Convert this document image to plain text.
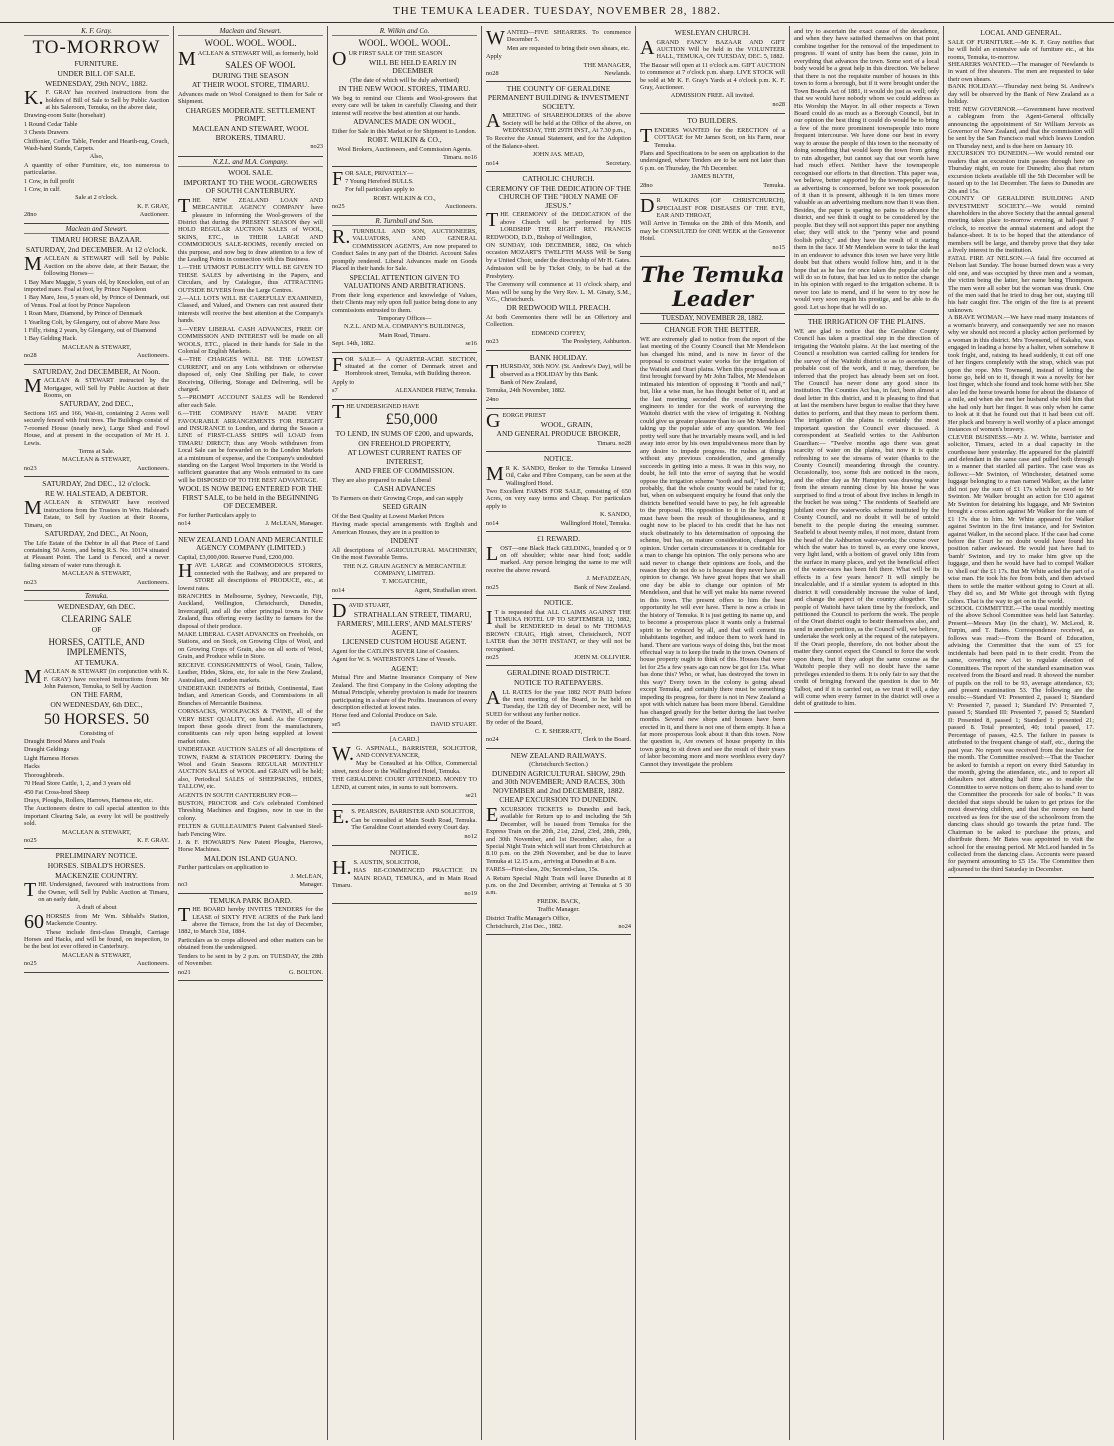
THE TEMUKA LEADER. TUESDAY, NOVEMBER 28, 1882.
K. F. Gray.
TO-MORROW
FURNITURE.
UNDER BILL OF SALE.
WEDNESDAY, 29th NOV., 1882.
K. F. GRAY has received instructions from the holders of Bill of Sale to Sell by Public Auction at his Saleroom, Temuka, on the above date,
Drawing-room Suite (horsehair)
1 Round Cedar Table
3 Chests Drawers
Chiffonier, Coffee Table, Fender and Hearth-rug, Couch, Wash-hand Stands, Carpets.
Also,
A quantity of other Furniture, etc, too numerous to particularise.
1 Cow, in full profit
1 Cow, in calf.
Sale at 2 o'clock.
K. F. GRAY,
28no	Auctioneer.
Maclean and Stewart.
TIMARU HORSE BAZAAR.
SATURDAY, 2nd DECEMBER. At 12 o'clock.
MACLEAN & STEWART will Sell by Public Auction on the above date, at their Bazaar, the following Horses—
1 Bay Mare Maggie, 5 years old, by Knockdon, out of an imported mare. Foal at foot, by Prince Napoleon
1 Bay Mare, Jess, 5 years old, by Prince of Denmark, out of Venus. Foal at foot by Prince Napoleon
1 Roan Mare, Diamond, by Prince of Denmark
1 Yearling Colt, by Glengarry, out of above Mare Jess
1 Filly, rising 2 years, by Glengarry, out of Diamond
1 Bay Gelding Hack.
MACLEAN & STEWART,
no28	Auctioneers.
SATURDAY, 2nd DECEMBER, At Noon.
MACLEAN & STEWART instructed by the Mortgagee, will Sell by Public Auction at their Rooms, on
SATURDAY, 2nd DEC.,
Sections 165 and 166, Wai-iti, containing 2 Acres well securely fenced with fruit trees. The Buildings consist of 7-roomed House (nearly new), Large Shed and Fowl House, and at present in the occupation of Mr H. J. Lewis.
Terms at Sale.
MACLEAN & STEWART,
no23	Auctioneers.
SATURDAY, 2nd DEC., 12 o'clock.
RE W. HALSTEAD, A DEBTOR.
MACLEAN & STEWART have received instructions from the Trustees in Wm. Halstead's Estate, to Sell by Auction at their Rooms, Timaru, on
SATURDAY, 2nd DEC., At Noon,
The Life Estate of the Debtor in all that Piece of Land containing 50 Acres, and being R.S. No. 10174 situated at Pleasant Point. The Land is Fenced, and a never failing stream of water runs through it.
MACLEAN & STEWART,
no23	Auctioneers.
Temuka.
WEDNESDAY, 6th DEC.
CLEARING SALE
OF
HORSES, CATTLE, AND IMPLEMENTS,
AT TEMUKA.
MACLEAN & STEWART (in conjunction with K. F. GRAY) have received instructions from Mr John Paterson, Temuka, to Sell by Auction
ON THE FARM,
ON WEDNESDAY, 6th DEC.,
50 HORSES. 50
Consisting of
Draught Brood Mares and Foals
Draught Geldings
Light Harness Horses
Hacks
Thoroughbreds.
70 Head Store Cattle, 1, 2, and 3 years old
450 Fat Cross-bred Sheep
Drays, Ploughs, Rollers, Harrows, Harness etc, etc.
The Auctioneers desire to call special attention to this important Clearing Sale, as every lot will be positively sold.
MACLEAN & STEWART,
no25	K. F. GRAY.
PRELIMINARY NOTICE.
HORSES. SIBALD'S HORSES.
MACKENZIE COUNTRY.
THE Undersigned, favoured with instructions from the Owner, will Sell by Public Auction at Timaru, on an early date,
A draft of about
60 HORSES from Mr Wm. Sibbald's Station, Mackenzie Country.
These include first-class Draught, Carriage Horses and Hacks, and will be found, on inspection, to be the best lot ever offered in Canterbury.
MACLEAN & STEWART,
no25	Auctioneers.
Maclean and Stewart.
WOOL. WOOL. WOOL.
MACLEAN & STEWART Will, as formerly, hold
SALES OF WOOL
DURING THE SEASON
AT THEIR WOOL STORE, TIMARU.
Advances made on Wool Consigned to them for Sale or Shipment.
CHARGES MODERATE. SETTLEMENT PROMPT.
MACLEAN AND STEWART, WOOL BROKERS, TIMARU.
no23
N.Z.L. and M.A. Company.
WOOL SALE.
IMPORTANT TO THE WOOL-GROWERS OF SOUTH CANTERBURY.
THE NEW ZEALAND LOAN AND MERCANTILE AGENCY COMPANY have pleasure in informing the Wool-growers of the District that during the PRESENT SEASON they will HOLD REGULAR AUCTION SALES of WOOL, SKINS, ETC., in THEIR LARGE AND COMMODIOUS SALE-ROOMS, recently erected on this purpose, and now beg to draw attention to a few of the Leading Points in connection with this Business.
1.—THE UTMOST PUBLICITY WILL BE GIVEN TO THESE SALES by advertising in the Papers, and Circulars, and by Catalogue, thus ATTRACTING OUTSIDE BUYERS from the Large Centres.
2.—ALL LOTS WILL BE CAREFULLY EXAMINED, Classed, and Valued, and Owners can rest assured their interests will receive the best attention at the Company's hands.
3.—VERY LIBERAL CASH ADVANCES, FREE OF COMMISSION AND INTEREST will be made on all WOOLS, ETC., placed in their hands for Sale in the Colonial or English Markets.
4.—THE CHARGES WILL BE THE LOWEST CURRENT, and on any Lots withdrawn or otherwise disposed of, only One Shilling per Bale, to cover Receiving, Offering, Storage and Delivering, will be charged.
5.—PROMPT ACCOUNT SALES will be Rendered after each Sale.
6.—THE COMPANY HAVE MADE VERY FAVOURABLE ARRANGEMENTS FOR FREIGHT and INSURANCE to London, and during the Season a LINE of FIRST-CLASS SHIPS will LOAD from TIMARU DIRECT; thus any Wools withdrawn from Local Sale can be forwarded on to the London Markets at a minimum of expense, and the Company's undoubted standing on the Largest Wool Importers in the World is sufficient guarantee that any Wools entrusted to its care will be DISPOSED OF TO THE BEST ADVANTAGE.
WOOL IS NOW BEING ENTERED FOR THE FIRST SALE, to be held in the BEGINNING OF DECEMBER.
For further Particulars apply to
no14	J. McLEAN, Manager.
NEW ZEALAND LOAN AND MERCANTILE AGENCY COMPANY (LIMITED.)
Capital, £3,000,000. Reserve Fund, £200,000.
HAVE LARGE and COMMODIOUS STORES, connected with the Railway, and are prepared to STORE all descriptions of PRODUCE, etc., at lowest rates.
BRANCHES in Melbourne, Sydney, Newcastle, Fiji, Auckland, Wellington, Christchurch, Dunedin, Invercargill, and all the other principal towns in New Zealand, thus offering every facility to farmers for the disposal of their produce.
MAKE LIBERAL CASH ADVANCES on Freeholds, on Stations, and on Stock, on Growing Clips of Wool, and on Growing Crops of Grain, also on all sorts of Wool, Grain, and Produce while in Store.
RECEIVE CONSIGNMENTS of Wool, Grain, Tallow, Leather, Hides, Skins, etc, for sale in the New Zealand, Australian, and London markets.
UNDERTAKE INDENTS of British, Continental, East Indian, and American Goods, and Commissions in all Branches of Mercantile Business.
CORNSACKS, WOOLPACKS & TWINE, all of the VERY BEST QUALITY, on hand. As the Company import these goods direct from the manufacturers, constituents can rely upon being supplied at lowest market rates.
UNDERTAKE AUCTION SALES of all descriptions of TOWN, FARM & STATION PROPERTY. During the Wool and Grain Seasons REGULAR MONTHLY AUCTION SALES of WOOL and GRAIN will be held; also, Periodical SALES of SHEEPSKINS, HIDES, TALLOW, etc.
AGENTS IN SOUTH CANTERBURY FOR—
BUSTON, PROCTOR and Co's celebrated Combined Threshing Machines and Engines, now in use in the colony.
FELTEN & GUILLEAUME'S Patent Galvanised Steel-barb Fencing Wire.
J. & F. HOWARD'S New Patent Ploughs, Harrows, Horse Machines.
MALDON ISLAND GUANO.
Further particulars on application to
J. McLEAN,
no3	Manager.
TEMUKA PARK BOARD.
THE BOARD hereby INVITES TENDERS for the LEASE of SIXTY FIVE ACRES of the Park land above the Terrace, from the 1st day of December, 1882, to March 31st, 1884.
Particulars as to crops allowed and other matters can be obtained from the undersigned.
Tenders to be sent in by 2 p.m. on TUESDAY, the 28th of November.
no21	G. BOLTON.
R. Wilkin and Co.
WOOL. WOOL. WOOL.
OUR FIRST SALE OF THE SEASON
WILL BE HELD EARLY IN DECEMBER
(The date of which will be duly advertised)
IN THE NEW WOOL STORES, TIMARU.
We beg to remind our Clients and Wool-growers that every care will be taken in carefully Classing and their interest will receive the best attention at our hands.
ADVANCES MADE ON WOOL,
Either for Sale in this Market or for Shipment to London.
ROBT. WILKIN & CO.,
Wool Brokers, Auctioneers, and Commission Agents.
Timaru. no16
FOR SALE, PRIVATELY—
7 Young Hereford BULLS.
For full particulars apply to
ROBT. WILKIN & CO.,
no25	Auctioneers.
R. Turnbull and Son.
R. TURNBULL AND SON, AUCTIONEERS, VALUATORS, AND GENERAL COMMISSION AGENTS, Are now prepared to Conduct Sales in any part of the District. Account Sales promptly rendered. Liberal Advances made on Goods Placed in their hands for Sale.
SPECIAL ATTENTION GIVEN TO VALUATIONS AND ARBITRATIONS.
From their long experience and knowledge of Values, their Clients may rely upon full justice being done to any commissions entrusted to them.
Temporary Offices—
N.Z.L. AND M.A. COMPANY'S BUILDINGS,
Main Road, Timaru.
Sept. 14th, 1882.	se16
FOR SALE— A QUARTER-ACRE SECTION, situated at the corner of Denmark street and Hornbrook street, Temuka, with Building thereon.
Apply to
s7	ALEXANDER FREW, Temuka.
THE UNDERSIGNED HAVE
£50,000
TO LEND, IN SUMS OF £200, and upwards,
ON FREEHOLD PROPERTY,
AT LOWEST CURRENT RATES OF INTEREST,
AND FREE OF COMMISSION.
They are also prepared to make Liberal
CASH ADVANCES
To Farmers on their Growing Crops, and can supply
SEED GRAIN
Of the Best Quality at Lowest Market Prices
Having made special arrangements with English and American Houses, they are in a position to
INDENT
All descriptions of AGRICULTURAL MACHINERY, On the most Favorable Terms.
THE N.Z. GRAIN AGENCY & MERCANTILE COMPANY, LIMITED.
T. MCGATCHIE,
no14	Agent, Strathallan street.
DAVID STUART,
STRATHALLAN STREET, TIMARU,
FARMERS', MILLERS', AND MALSTERS' AGENT,
LICENSED CUSTOM HOUSE AGENT.
Agent for the CATLIN'S RIVER Line of Coasters.
Agent for W. S. WATERSTON'S Line of Vessels.
AGENT:
Mutual Fire and Marine Insurance Company of New Zealand. The first Company in the Colony adopting the Mutual Principle, whereby provision is made for insurers participating in a share of the Profits. Insurances of every description effected at lowest rates.
Horse feed and Colonial Produce on Sale.
se5	DAVID STUART.
[A CARD.]
W. G. ASPINALL, BARRISTER, SOLICITOR, AND CONVEYANCER,
May be Consulted at his Office, Commercial street, next door to the Wallingford Hotel, Temuka.
THE GERALDINE COURT ATTENDED. MONEY TO LEND, at current rates, in sums to suit borrowers.
se21
E. S. PEARSON, BARRISTER AND SOLICITOR,
Can be consulted at Main South Road, Temuka. The Geraldine Court attended every Court day.
no12
NOTICE.
H. S. AUSTIN, SOLICITOR,
HAS RE-COMMENCED PRACTICE IN MAIN ROAD, TEMUKA, and in Main Road Timaru.
no19
WANTED—FIVE SHEARERS. To commence December 5.
Men are requested to bring their own shears, etc.
Apply
THE MANAGER,
no28	Newlands.
THE COUNTY OF GERALDINE PERMANENT BUILDING & INVESTMENT SOCIETY.
AMEETING of SHAREHOLDERS of the above Society will be held at the Office of the above, on WEDNESDAY, THE 29TH INST., At 7.30 p.m.,
To Receive the Annual Statement, and for the Adoption of the Balance-sheet.
JOHN JAS. MEAD,
no14	Secretary.
CATHOLIC CHURCH.
CEREMONY OF THE DEDICATION OF THE CHURCH OF THE "HOLY NAME OF JESUS."
THE CEREMONY of the DEDICATION of the above Church will be performed by HIS LORDSHIP THE RIGHT REV. FRANCIS REDWOOD, D.D., Bishop of Wellington,
ON SUNDAY, 10th DECEMBER, 1882, On which occasion MOZART'S TWELFTH MASS Will be Sung by a United Choir, under the directorship of Mr H. Gates.
Admission will be by Ticket Only, to be had at the Presbytery.
The Ceremony will commence at 11 o'clock sharp, and Mass will be sung by the Very Rev. L. M. Ginaty, S.M., V.G., Christchurch.
DR REDWOOD WILL PREACH.
At both Ceremonies there will be an Offertory and Collection.
EDMOND COFFEY,
no23	The Presbytery, Ashburton.
BANK HOLIDAY.
THURSDAY, 30th NOV. (St. Andrew's Day), will be observed as a HOLIDAY by this Bank.
Bank of New Zealand,
Temuka, 24th November, 1882.
24no
GEORGE PRIEST
WOOL, GRAIN,
AND GENERAL PRODUCE BROKER,
Timaru. no28
NOTICE.
M R K. SANDO, Broker to the Temuka Linseed Oil, Cake and Fibre Company, can be seen at the Wallingford Hotel.
Two Excellent FARMS FOR SALE, consisting of 650 Acres, on very easy terms and Cheap. For particulars apply to
K. SANDO,
no14	Wallingford Hotel, Temuka.
£1 REWARD.
LOST—one Black Hack GELDING, branded q or 9 on off shoulder; white near hind foot; saddle marked. Any person bringing the same to me will receive the above reward.
J. McFADZEAN,
no25	Bank of New Zealand.
NOTICE.
I T is requested that ALL CLAIMS AGAINST THE TEMUKA HOTEL UP TO SEPTEMBER 12, 1882, shall be RENDERED in detail to Mr THOMAS BROWN CRAIG, High street, Christchurch, NOT LATER than the 30TH INSTANT, or they will not be recognised.
no25	JOHN M. OLLIVIER.
GERALDINE ROAD DISTRICT.
NOTICE TO RATEPAYERS.
ALL RATES for the year 1882 NOT PAID before the next meeting of the Board, to be held on Tuesday, the 12th day of December next, will be SUED for without any further notice.
By order of the Board,
C. E. SHERRATT,
no24	Clerk to the Board.
NEW ZEALAND RAILWAYS.
(Christchurch Section.)
DUNEDIN AGRICULTURAL SHOW, 29th and 30th NOVEMBER; AND RACES, 30th NOVEMBER and 2nd DECEMBER, 1882.
CHEAP EXCURSION TO DUNEDIN.
EXCURSION TICKETS to Dunedin and back, available for Return up to and including the 5th December, will be issued from Temuka for the Express Train on the 20th, 21st, 22nd, 23rd, 28th, 29th, and 30th November, and 1st December; also, for a Special Night Train which will start from Christchurch at 8.10 p.m. on the 29th November, and be due to leave Temuka at 12.15 a.m., arriving at Dunedin at 8 a.m.
FARES—First-class, 20s; Second-class, 15s.
A Return Special Night Train will leave Dunedin at 8 p.m. on the 2nd December, arriving at Temuka at 5 30 a.m.
FREDK. BACK,
Traffic Manager.
District Traffic Manager's Office,
Christchurch, 21st Dec., 1882.	no24
WESLEYAN CHURCH.
AGRAND FANCY BAZAAR AND GIFT AUCTION Will be held in the VOLUNTEER HALL, TEMUKA, ON TUESDAY, DEC. 5, 1882.
The Bazaar will open at 11 o'clock a.m. GIFT AUCTION to commence at 7 o'clock p.m. sharp. LIVE STOCK will be sold at Mr K. F. Gray's Yards at 4 o'clock p.m. K. F. Gray, Auctioneer.
ADMISSION FREE. All invited.
no28
TO BUILDERS.
TENDERS WANTED for the ERECTION of a COTTAGE for Mr James Scott, on his Farm, near Temuka.
Plans and Specifications to be seen on application to the undersigned, where Tenders are to be sent not later than 6 p.m. on Thursday, the 7th December.
JAMES BLYTH,
28no	Temuka.
D R WILKINS (OF CHRISTCHURCH), SPECIALIST FOR DISEASES OF THE EYE, EAR AND THROAT,
Will Arrive in Temuka on the 28th of this Month, and may be CONSULTED for ONE WEEK at the Grosvenor Hotel.
no15
The Temuka Leader
TUESDAY, NOVEMBER 28, 1882.
CHANGE FOR THE BETTER.
WE are extremely glad to notice from the report of the last meeting of the County Council that Mr Mendelson has changed his mind, and is now in favor of the proposal to construct water works for the irrigation of the Waitohi and Orari plains. When this proposal was at first brought forward by Mr John Talbot, Mr Mendelson intimated his intention of opposing it "tooth and nail," but, like a wise man, he has thought better of it, and at the last meeting seconded the resolution inviting engineers to tender for the work of surveying the Waitohi district with the view of irrigating it. Nothing could give us greater pleasure than to see Mr Mendelson taking up the popular side of any question. We feel pretty well sure that he invariably means well, and is led away into error by his own impulsiveness more than by any desire to impede progress. He rushes at things without any previous consideration, and generally succeeds in getting into a mess. It was in this way, no doubt, he fell into the error of saying that he would oppose the irrigation scheme "tooth and nail," believing, probably, that the whole county would be rated for it; but, when on subsequent enquiry he found that only the districts benefited would have to pay, he felt agreeable to the proposal. His opposition to it in the beginning must have been the result of thoughtlessness, and it ought now to be placed to his credit that he has not stuck obstinately to his determination of opposing the scheme, but has, on mature consideration, changed his opinion. Under certain circumstances it is creditable for a man to change his opinion. The only persons who are said never to change their opinions are fools, and the reason they do not do so is because they never have an opinion to change. We have great hopes that we shall one day be able to change our opinion of Mr Mendelson, and that he will yet make his name revered in this town. The present offers to him the best opportunity he will ever have. There is now a crisis in the history of Temuka. It is just getting its name up, and to become a prosperous place it wants only a fraternal spirit to be evinced by all, and that will cement its inhabitants together, and induce them to work hand in hand. There are various ways of doing this, but the most effectual way is to keep the trade in the town. Owners of house property ought to think of this. Houses that were let for 25s a few years ago can now be got for 15s. What has done this? Who, or what, has destroyed the town in this way? Every town in the colony is going ahead except Temuka, and certainly there must be something impeding its progress, for there is not in New Zealand a spot with which nature has been more liberal. Geraldine has changed greatly for the better during the last twelve months. Several new shops and houses have been erected in it, and there is not one of them empty. It has a far more prosperous look about it than this town. Now the question is, Are owners of house property in this town going to sit down and see the result of their years of labor becoming more and more worthless every day? Cannot they investigate the problem
and try to ascertain the exact cause of the decadence, and when they have satisfied themselves on that point combine together for the removal of the impediment to progress. If want of unity has been the cause, join in everything that advances the town. Some sort of a local body would be a great help in this direction. We believe that there is not the requisite number of houses in this town to form a borough, but if it were brought under the Town Boards Act of 1881, it would do just as well; only that we would have nobody whom we could address as His Worship the Mayor. In all other respects a Town Board could do as much as a Borough Council, but in our opinion the best thing it could do would be to bring a few of the more prominent townspeople into more frequent intercourse. We have done our best in every way to arouse the people of this town to the necessity of doing something that would keep the town from going to ruin altogether, but cannot say that our words have had much effect. Neither have the townspeople recognised our efforts in that direction. This paper was, we believe, better supported by the townspeople, as far as advertising is concerned, before we took possession of it than it is present, although it is ten times more valuable as an advertising medium now than it was then. Besides, the paper is sparing no pains to advance the district, and we think it ought to be considered by the people. But they will not support this paper nor anything else; they will stick to the "penny wise and pound foolish policy," and they have the result of it staring them in the face. If Mr Mendelson were to take the lead in an endeavor to advance this town we have very little doubt but that others would follow him, and it is the hope that as he has for once taken the popular side he will do so in future, that has led us to notice the change in his opinion with regard to the irrigation scheme. It is never too late to mend, and if he were to try now he would very soon regain his prestige, and be able to do good. Let us hope that he will do so.
THE IRRIGATION OF THE PLAINS.
WE are glad to notice that the Geraldine County Council has taken a practical step in the direction of irrigating the Waitohi plains. At the last meeting of the Council a resolution was carried calling for tenders for the survey of the Waitohi district so as to ascertain the probable cost of the work, and it may, therefore, be inferred that the project has already been set on foot. The Council has never done any good since its institution. The Counties Act has, in fact, been almost a dead letter in this district, and it is pleasing to find that at last the members have begun to realise that they have duties to perform, and that they mean to perform them. The irrigation of the plains is certainly the most important question the Council ever discussed. A correspondent at Seafield writes to the Ashburton Guardian:— "Twelve months ago there was great scarcity of water on the plains, but now it is quite refreshing to see the streams of water (thanks to the County Council) meandering through the country. Occasionally, too, some fish are noticed in the races, and the other day as Mr Hampton was drawing water from the stream running close by his house he was surprised to find a trout of about five inches in length in the bucket he was using." The residents of Seafield are jubilant over the waterworks scheme instituted by the County Council, and no doubt it will be of untold benefit to the people during the ensuing summer. Seafield is about twenty miles, if not more, distant from the head of the Ashburton water-works; the course over which the water has to travel is, as every one knows, very light land, with a bottom of gravel only 18in from the surface in many places, and yet the beneficial effect of the water-races has been felt there. What will be its effects in a few years hence? It will simply be incalculable, and if a similar system is adopted in this district it will considerably increase the value of land, and change the aspect of the country altogether. The people of Waitohi have taken time by the forelock, and petitioned the Council to perform the work. The people of the Orari district ought to bestir themselves also, and send in another petition, as the Council will, we believe, undertake the work only at the request of the ratepayers. If the Orari people, therefore, do not bother about the matter they cannot expect the Council to force the work upon them, but if they adopt the same course as the Waitohi people they will no doubt have the same privileges extended to them. It is only fair to say that the credit of bringing forward the question is due to Mr Talbot, and if it is carried out, as we trust it will, a day will come when every farmer in the district will owe a debt of gratitude to him.
LOCAL AND GENERAL.
SALE OF FURNITURE.—Mr K. F. Gray notifies that he will hold an extensive sale of furniture etc., at his rooms, Temuka, to-morrow.
SHEARERS WANTED.—The manager of Newlands is in want of five shearers. The men are requested to take their own shears.
BANK HOLIDAY.—Thursday next being St. Andrew's day will be observed by the Bank of New Zealand as a holiday.
THE NEW GOVERNOR.—Government have received a cablegram from the Agent-General officially announcing the appointment of Sir William Jervois as Governor of New Zealand, and that the commission will be sent by the San Francisco mail which leaves London on Thursday next, and is due here on January 10.
EXCURSION TO DUNEDIN.—We would remind our readers that an excursion train passes through here on Thursday night, en route for Dunedin; also that return excursion tickets available till the 5th December will be issued up to the 1st December. The fares to Dunedin are 20s and 15s.
COUNTY OF GERALDINE BUILDING AND INVESTMENT SOCIETY.—We would remind shareholders in the above Society that the annual general meeting takes place to-morrow evening, at half-past 7 o'clock, to receive the annual statement and adopt the balance-sheet. It is to be hoped that the attendance of members will be large, and thereby prove that they take a lively interest in the institution.
FATAL FIRE AT NELSON.—A fatal fire occurred at Nelson last Sunday. The house burned down was a very old one, and was occupied by three men and a woman, the victim being the latter, her name being Thompson. The men were all sober but the woman was drunk. One of the men said that he tried to drag her out, staying till his hair caught fire. The origin of the fire is at present unknown.
A BRAVE WOMAN.—We have read many instances of a woman's bravery, and consequently we see no reason why we should not record a plucky action performed by a woman in this district. Mrs Townsend, of Kakahu, was engaged in leading a horse by a halter, when somehow it took fright, and, raising its head suddenly, it cut off one of her fingers completely with the strap, which was put upon the rope. Mrs Townsend, instead of letting the horse go, held on to it, though it was a novelty for her lost finger, which she found and took home with her. She also led the horse towards home for about the distance of a mile, and when she met her husband she told him that she had only hurt her finger. It was only when he came to look at it that he found out that it had been cut off. Her pluck and bravery is well worthy of a place amongst instances of women's bravery.
CLEVER BUSINESS.—Mr J. W. White, barrister and solicitor, Timaru, acted in a dual capacity in the courthouse here yesterday. He appeared for the plaintiff and defendant in the same case and pulled both through in a manner that startled all parties. The case was as follows:—Mr Swinton, of Winchester, detained some luggage belonging to a man named Walker, as the latter did not pay the sum of £1 17s which he owed to Mr Swinton. Mr Walker brought an action for £10 against Mr Swinton for detaining his luggage, and Mr Swinton brought a cross action against Mr Walker for the sum of £1 17s due to him. Mr White appeared for Walker against Swinton in the first instance, and for Swinton against Walker, in the second place. If the case had come before the Court he no doubt would have found his position rather awkward. He would just have had to 'bamb' Swinton, and try to make him give up the luggage, and then he would have had to compel Walker to 'shell out' the £1 17s. But Mr White acted the part of a wise man. He took his fee from both, and then advised them to settle the matter without going to Court at all. They did so, and Mr White got through with flying colors. That is the way to get on in the world.
SCHOOL COMMITTEE.—The usual monthly meeting of the above School Committee was held last Saturday. Present—Messrs May (in the chair), W. McLeod, R. Turpin, and T. Bates. Correspondence received, as follows was read:—From the Board of Education, advising the Committee that the sum of £5 for incidentals had been paid in to their credit. From the same, covering new Act to regulate election of Committees. The report of the standard examination was received from the Board and read. It showed the number of pupils on the roll to be 93, average attendance, 63; and present examination 53. The following are the results:—Standard VI: Presented 2, passed 1; Standard V: Presented 7, passed 1; Standard IV: Presented 7, passed 5; Standard III: Presented 7, passed 5; Standard II: Presented 8, passed 1; Standard I: presented 21; passed 8. Total presented, 40; total passed, 17. Percentage of passes, 42.5. The failure in passes is attributed to the frequent change of staff, etc., during the past year. No report was received from the teacher for the month. The Committee resolved:—That the Teacher be asked to furnish a report on every third Saturday in the month, giving the attendance, etc., and to report all defaulters not attending half time so to enable the Committee to serve notices on them; also to hand over to the Committee the proceeds for sale of books." It was decided that steps should be taken to get prizes for the most deserving children, and that the money on hand received as fees for the use of the schoolroom from the dancing class should go towards the prize fund. The Chairman to be asked to purchase the prizes, and distribute them. Mr Bates was appointed to visit the school for the ensuing period. Mr McLeod handed in 5s collected from the dancing class. Accounts were passed for payment amounting to £5 15s. The Committee then adjourned to the third Saturday in December.
